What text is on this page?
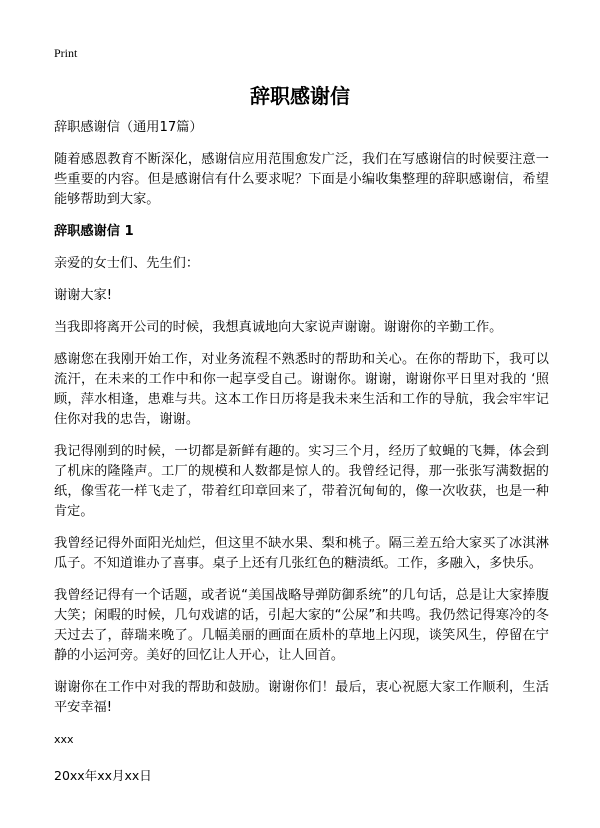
Print
辞职感谢信

辞职感谢信（通用17篇）

随着感恩教育不断深化，感谢信应用范围愈发广泛，我们在写感谢信的时候要注意一些重要的内容。但是感谢信有什么要求呢？下面是小编收集整理的辞职感谢信，希望能够帮助到大家。

辞职感谢信 1

亲爱的女士们、先生们：

谢谢大家!

当我即将离开公司的时候，我想真诚地向大家说声谢谢。谢谢你的辛勤工作。

感谢您在我刚开始工作，对业务流程不熟悉时的帮助和关心。在你的帮助下，我可以流汗，在未来的工作中和你一起享受自己。谢谢你。谢谢，谢谢你平日里对我的 ‘照顾，萍水相逢，患难与共。这本工作日历将是我未来生活和工作的导航，我会牢牢记住你对我的忠告，谢谢。

我记得刚到的时候，一切都是新鲜有趣的。实习三个月，经历了蚊蝇的飞舞，体会到了机床的隆隆声。工厂的规模和人数都是惊人的。我曾经记得，那一张张写满数据的纸，像雪花一样飞走了，带着红印章回来了，带着沉甸甸的，像一次收获，也是一种肯定。

我曾经记得外面阳光灿烂，但这里不缺水果、梨和桃子。隔三差五给大家买了冰淇淋瓜子。不知道谁办了喜事。桌子上还有几张红色的糖渍纸。工作，多融入，多快乐。

我曾经记得有一个话题，或者说“美国战略导弹防御系统”的几句话，总是让大家捧腹大笑；闲暇的时候，几句戏谑的话，引起大家的“公屎”和共鸣。我仍然记得寒冷的冬天过去了，薛瑞来晚了。几幅美丽的画面在质朴的草地上闪现，谈笑风生，停留在宁静的小运河旁。美好的回忆让人开心，让人回首。

谢谢你在工作中对我的帮助和鼓励。谢谢你们！最后，衷心祝愿大家工作顺利，生活平安幸福!

xxx

20xx年xx月xx日
